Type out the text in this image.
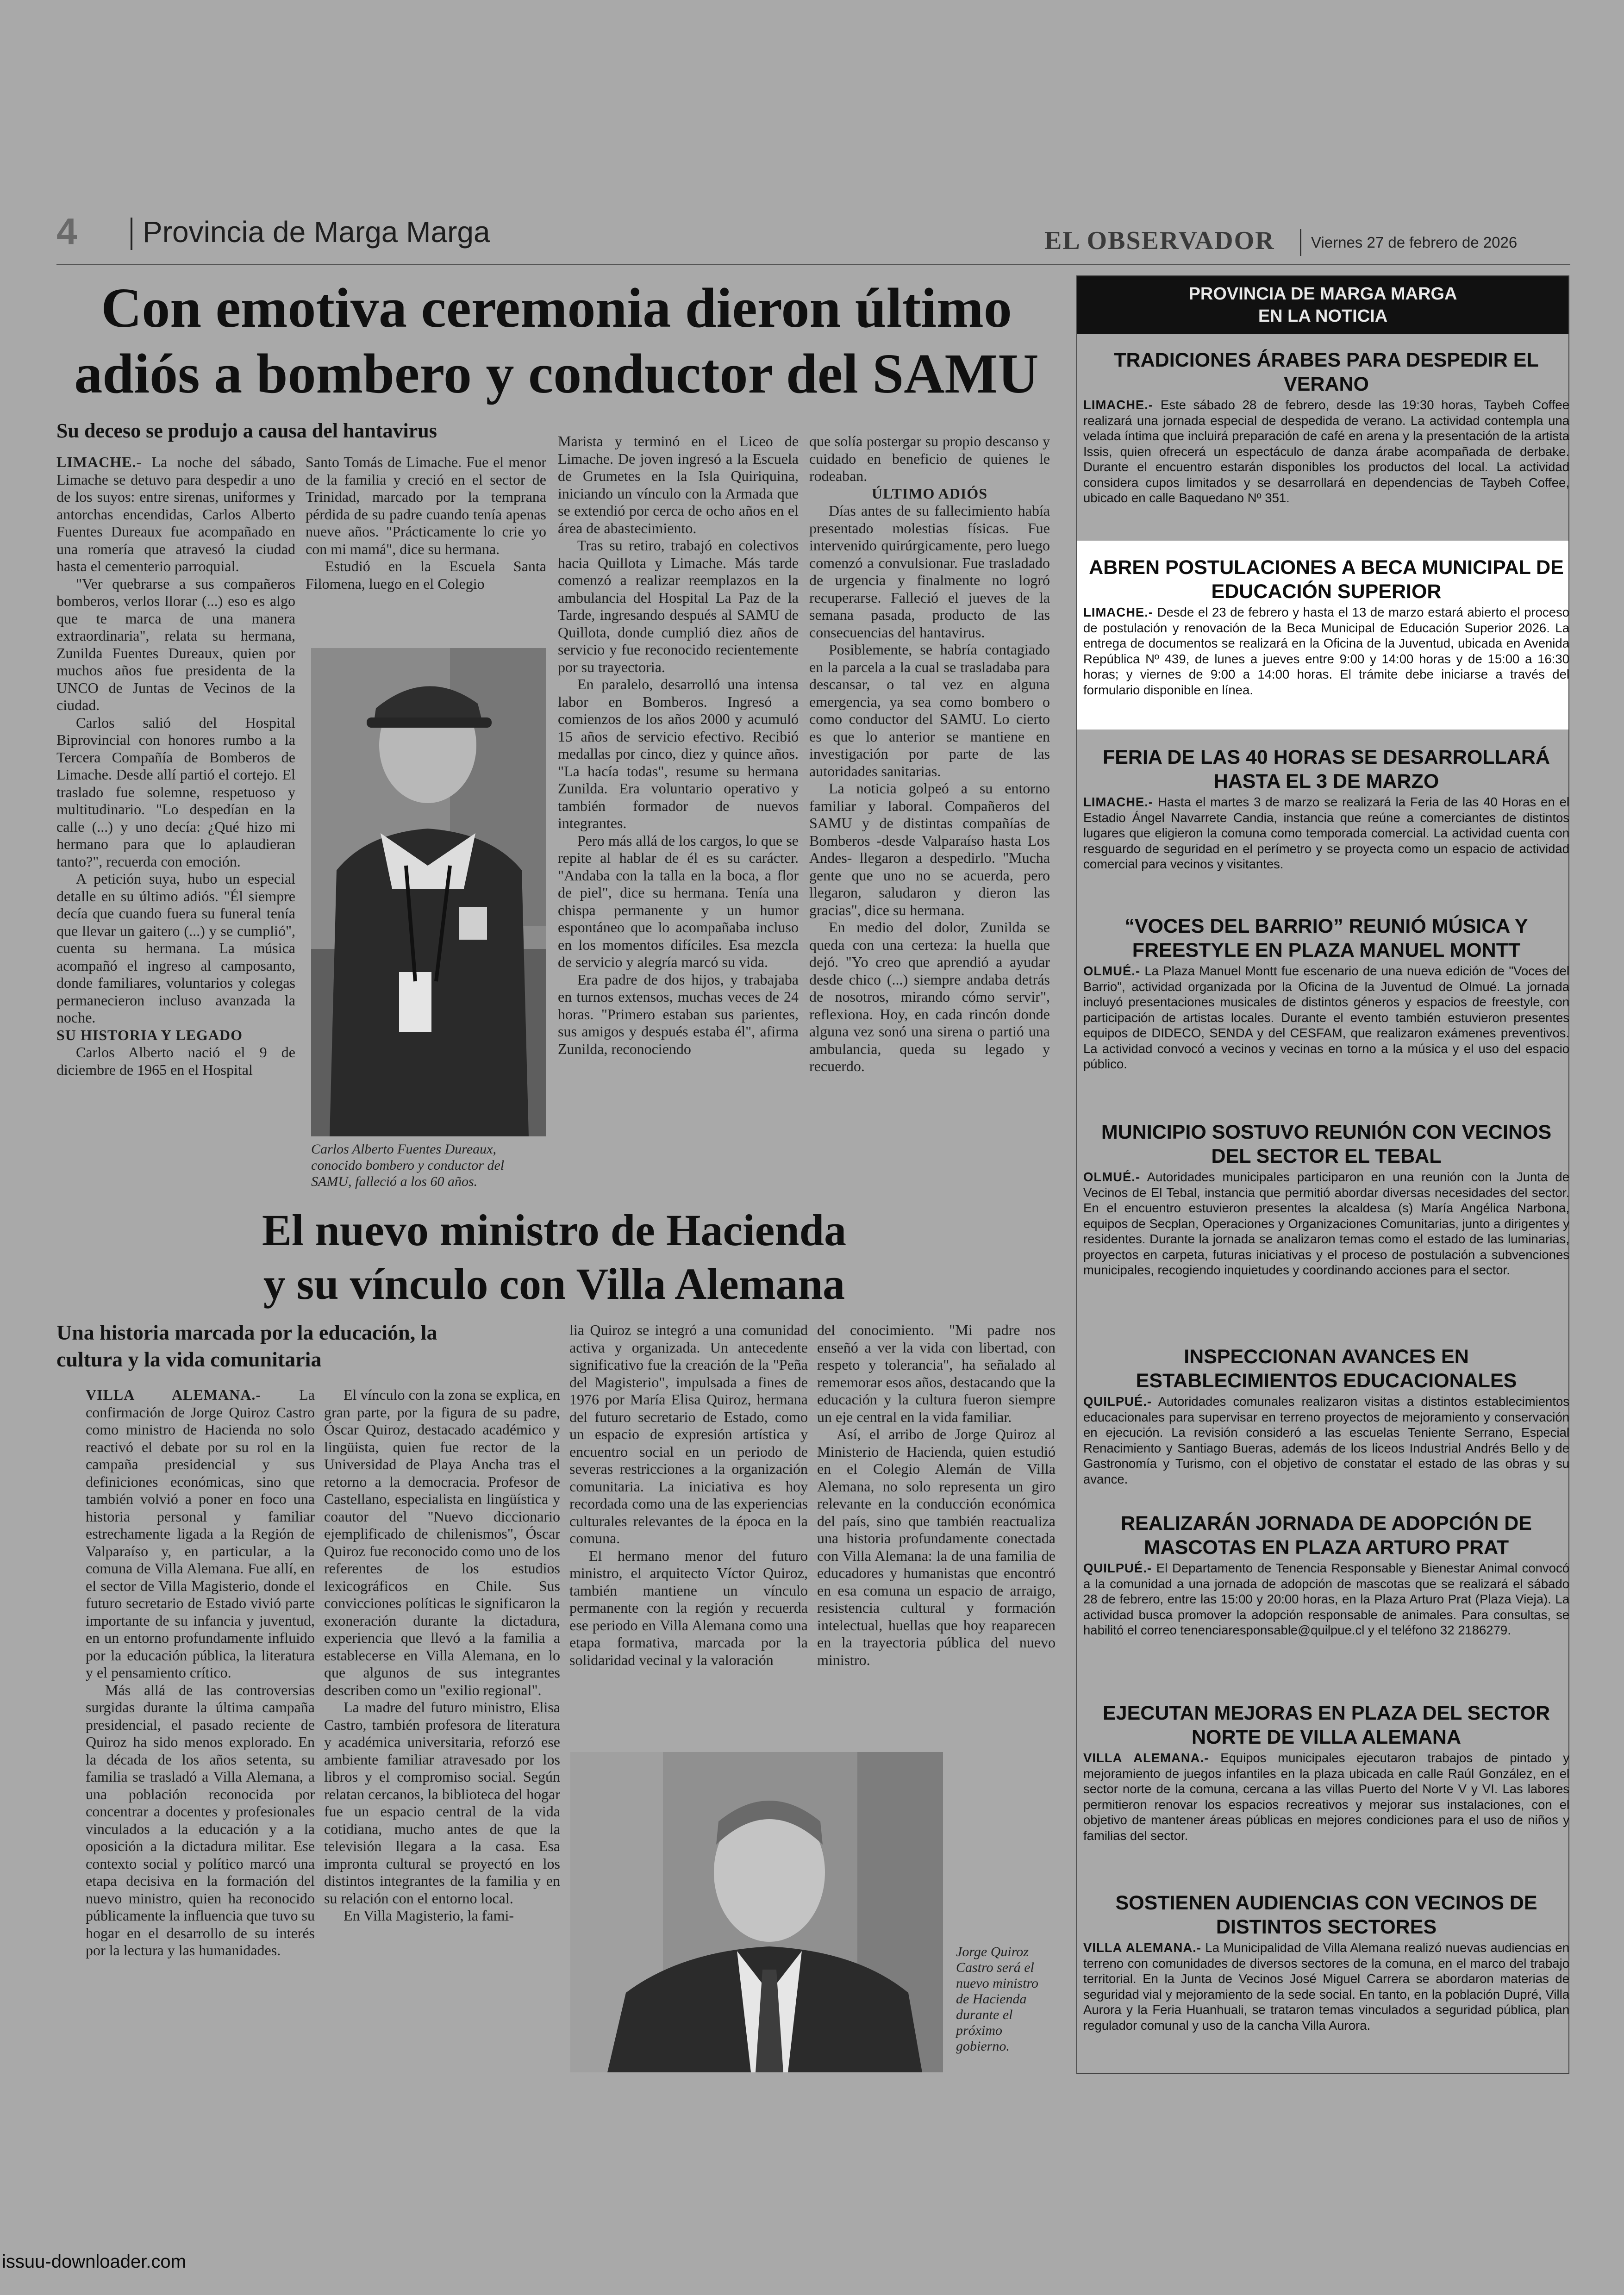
4 Provincia de Marga Marga	EL OBSERVADOR Viernes 27 de febrero de 2026
Con emotiva ceremonia dieron último
adiós a bombero y conductor del SAMU
Su deceso se produjo a causa del hantavirus

LIMACHE.- La noche del sábado, Limache se detuvo para despedir a uno de los suyos: entre sirenas, uniformes y antorchas encendidas, Carlos Alberto Fuentes Dureaux fue acompañado en una romería que atravesó la ciudad hasta el cementerio parroquial.

"Ver quebrarse a sus compañeros bomberos, verlos llorar (...) eso es algo que te marca de una manera extraordinaria", relata su hermana, Zunilda Fuentes Dureaux, quien por muchos años fue presidenta de la UNCO de Juntas de Vecinos de la ciudad.

Carlos salió del Hospital Biprovincial con honores rumbo a la Tercera Compañía de Bomberos de Limache. Desde allí partió el cortejo. El traslado fue solemne, respetuoso y multitudinario. "Lo despedían en la calle (...) y uno decía: ¿Qué hizo mi hermano para que lo aplaudieran tanto?", recuerda con emoción.

A petición suya, hubo un especial detalle en su último adiós. "Él siempre decía que cuando fuera su funeral tenía que llevar un gaitero (...) y se cumplió", cuenta su hermana. La música acompañó el ingreso al camposanto, donde familiares, voluntarios y colegas permanecieron incluso avanzada la noche.

SU HISTORIA Y LEGADO

Carlos Alberto nació el 9 de diciembre de 1965 en el Hospital

Santo Tomás de Limache. Fue el menor de la familia y creció en el sector de Trinidad, marcado por la temprana pérdida de su padre cuando tenía apenas nueve años. "Prácticamente lo crie yo con mi mamá", dice su hermana.

Estudió en la Escuela Santa Filomena, luego en el Colegio

Carlos Alberto Fuentes Dureaux, conocido bombero y conductor del SAMU, falleció a los 60 años.

Marista y terminó en el Liceo de Limache. De joven ingresó a la Escuela de Grumetes en la Isla Quiriquina, iniciando un vínculo con la Armada que se extendió por cerca de ocho años en el área de abastecimiento.

Tras su retiro, trabajó en colectivos hacia Quillota y Limache. Más tarde comenzó a realizar reemplazos en la ambulancia del Hospital La Paz de la Tarde, ingresando después al SAMU de Quillota, donde cumplió diez años de servicio y fue reconocido recientemente por su trayectoria.

En paralelo, desarrolló una intensa labor en Bomberos. Ingresó a comienzos de los años 2000 y acumuló 15 años de servicio efectivo. Recibió medallas por cinco, diez y quince años. "La hacía todas", resume su hermana Zunilda. Era voluntario operativo y también formador de nuevos integrantes.

Pero más allá de los cargos, lo que se repite al hablar de él es su carácter. "Andaba con la talla en la boca, a flor de piel", dice su hermana. Tenía una chispa permanente y un humor espontáneo que lo acompañaba incluso en los momentos difíciles. Esa mezcla de servicio y alegría marcó su vida.

Era padre de dos hijos, y trabajaba en turnos extensos, muchas veces de 24 horas. "Primero estaban sus parientes, sus amigos y después estaba él", afirma Zunilda, reconociendo

que solía postergar su propio descanso y cuidado en beneficio de quienes le rodeaban.

ÚLTIMO ADIÓS

Días antes de su fallecimiento había presentado molestias físicas. Fue intervenido quirúrgicamente, pero luego comenzó a convulsionar. Fue trasladado de urgencia y finalmente no logró recuperarse. Falleció el jueves de la semana pasada, producto de las consecuencias del hantavirus.

Posiblemente, se habría contagiado en la parcela a la cual se trasladaba para descansar, o tal vez en alguna emergencia, ya sea como bombero o como conductor del SAMU. Lo cierto es que lo anterior se mantiene en investigación por parte de las autoridades sanitarias.

La noticia golpeó a su entorno familiar y laboral. Compañeros del SAMU y de distintas compañías de Bomberos -desde Valparaíso hasta Los Andes- llegaron a despedirlo. "Mucha gente que uno no se acuerda, pero llegaron, saludaron y dieron las gracias", dice su hermana.

En medio del dolor, Zunilda se queda con una certeza: la huella que dejó. "Yo creo que aprendió a ayudar desde chico (...) siempre andaba detrás de nosotros, mirando cómo servir", reflexiona. Hoy, en cada rincón donde alguna vez sonó una sirena o partió una ambulancia, queda su legado y recuerdo.

El nuevo ministro de Hacienda
y su vínculo con Villa Alemana
Una historia marcada por la educación, la
cultura y la vida comunitaria

VILLA ALEMANA.- La confirmación de Jorge Quiroz Castro como ministro de Hacienda no solo reactivó el debate por su rol en la campaña presidencial y sus definiciones económicas, sino que también volvió a poner en foco una historia personal y familiar estrechamente ligada a la Región de Valparaíso y, en particular, a la comuna de Villa Alemana. Fue allí, en el sector de Villa Magisterio, donde el futuro secretario de Estado vivió parte importante de su infancia y juventud, en un entorno profundamente influido por la educación pública, la literatura y el pensamiento crítico.

Más allá de las controversias surgidas durante la última campaña presidencial, el pasado reciente de Quiroz ha sido menos explorado. En la década de los años setenta, su familia se trasladó a Villa Alemana, a una población reconocida por concentrar a docentes y profesionales vinculados a la educación y a la oposición a la dictadura militar. Ese contexto social y político marcó una etapa decisiva en la formación del nuevo ministro, quien ha reconocido públicamente la influencia que tuvo su hogar en el desarrollo de su interés por la lectura y las humanidades.

El vínculo con la zona se explica, en gran parte, por la figura de su padre, Óscar Quiroz, destacado académico y lingüista, quien fue rector de la Universidad de Playa Ancha tras el retorno a la democracia. Profesor de Castellano, especialista en lingüística y coautor del "Nuevo diccionario ejemplificado de chilenismos", Óscar Quiroz fue reconocido como uno de los referentes de los estudios lexicográficos en Chile. Sus convicciones políticas le significaron la exoneración durante la dictadura, experiencia que llevó a la familia a establecerse en Villa Alemana, en lo que algunos de sus integrantes describen como un "exilio regional".

La madre del futuro ministro, Elisa Castro, también profesora de literatura y académica universitaria, reforzó ese ambiente familiar atravesado por los libros y el compromiso social. Según relatan cercanos, la biblioteca del hogar fue un espacio central de la vida cotidiana, mucho antes de que la televisión llegara a la casa. Esa impronta cultural se proyectó en los distintos integrantes de la familia y en su relación con el entorno local.

En Villa Magisterio, la fami-

lia Quiroz se integró a una comunidad activa y organizada. Un antecedente significativo fue la creación de la "Peña del Magisterio", impulsada a fines de 1976 por María Elisa Quiroz, hermana del futuro secretario de Estado, como un espacio de expresión artística y encuentro social en un periodo de severas restricciones a la organización comunitaria. La iniciativa es hoy recordada como una de las experiencias culturales relevantes de la época en la comuna.

El hermano menor del futuro ministro, el arquitecto Víctor Quiroz, también mantiene un vínculo permanente con la región y recuerda ese periodo en Villa Alemana como una etapa formativa, marcada por la solidaridad vecinal y la valoración

del conocimiento. "Mi padre nos enseñó a ver la vida con libertad, con respeto y tolerancia", ha señalado al rememorar esos años, destacando que la educación y la cultura fueron siempre un eje central en la vida familiar.

Así, el arribo de Jorge Quiroz al Ministerio de Hacienda, quien estudió en el Colegio Alemán de Villa Alemana, no solo representa un giro relevante en la conducción económica del país, sino que también reactualiza una historia profundamente conectada con Villa Alemana: la de una familia de educadores y humanistas que encontró en esa comuna un espacio de arraigo, resistencia cultural y formación intelectual, huellas que hoy reaparecen en la trayectoria pública del nuevo ministro.

Jorge Quiroz Castro será el nuevo ministro de Hacienda durante el próximo gobierno.
PROVINCIA DE MARGA MARGA
EN LA NOTICIA
TRADICIONES ÁRABES PARA DESPEDIR EL VERANO

LIMACHE.- Este sábado 28 de febrero, desde las 19:30 horas, Taybeh Coffee realizará una jornada especial de despedida de verano. La actividad contempla una velada íntima que incluirá preparación de café en arena y la presentación de la artista Issis, quien ofrecerá un espectáculo de danza árabe acompañada de derbake. Durante el encuentro estarán disponibles los productos del local. La actividad considera cupos limitados y se desarrollará en dependencias de Taybeh Coffee, ubicado en calle Baquedano Nº 351.

ABREN POSTULACIONES A BECA MUNICIPAL DE EDUCACIÓN SUPERIOR

LIMACHE.- Desde el 23 de febrero y hasta el 13 de marzo estará abierto el proceso de postulación y renovación de la Beca Municipal de Educación Superior 2026. La entrega de documentos se realizará en la Oficina de la Juventud, ubicada en Avenida República Nº 439, de lunes a jueves entre 9:00 y 14:00 horas y de 15:00 a 16:30 horas; y viernes de 9:00 a 14:00 horas. El trámite debe iniciarse a través del formulario disponible en línea.

FERIA DE LAS 40 HORAS SE DESARROLLARÁ HASTA EL 3 DE MARZO

LIMACHE.- Hasta el martes 3 de marzo se realizará la Feria de las 40 Horas en el Estadio Ángel Navarrete Candia, instancia que reúne a comerciantes de distintos lugares que eligieron la comuna como temporada comercial. La actividad cuenta con resguardo de seguridad en el perímetro y se proyecta como un espacio de actividad comercial para vecinos y visitantes.

“VOCES DEL BARRIO” REUNIÓ MÚSICA Y FREESTYLE EN PLAZA MANUEL MONTT

OLMUÉ.- La Plaza Manuel Montt fue escenario de una nueva edición de "Voces del Barrio", actividad organizada por la Oficina de la Juventud de Olmué. La jornada incluyó presentaciones musicales de distintos géneros y espacios de freestyle, con participación de artistas locales. Durante el evento también estuvieron presentes equipos de DIDECO, SENDA y del CESFAM, que realizaron exámenes preventivos. La actividad convocó a vecinos y vecinas en torno a la música y el uso del espacio público.

MUNICIPIO SOSTUVO REUNIÓN CON VECINOS DEL SECTOR EL TEBAL

OLMUÉ.- Autoridades municipales participaron en una reunión con la Junta de Vecinos de El Tebal, instancia que permitió abordar diversas necesidades del sector. En el encuentro estuvieron presentes la alcaldesa (s) María Angélica Narbona, equipos de Secplan, Operaciones y Organizaciones Comunitarias, junto a dirigentes y residentes. Durante la jornada se analizaron temas como el estado de las luminarias, proyectos en carpeta, futuras iniciativas y el proceso de postulación a subvenciones municipales, recogiendo inquietudes y coordinando acciones para el sector.

INSPECCIONAN AVANCES EN ESTABLECIMIENTOS EDUCACIONALES

QUILPUÉ.- Autoridades comunales realizaron visitas a distintos establecimientos educacionales para supervisar en terreno proyectos de mejoramiento y conservación en ejecución. La revisión consideró a las escuelas Teniente Serrano, Especial Renacimiento y Santiago Bueras, además de los liceos Industrial Andrés Bello y de Gastronomía y Turismo, con el objetivo de constatar el estado de las obras y su avance.

REALIZARÁN JORNADA DE ADOPCIÓN DE MASCOTAS EN PLAZA ARTURO PRAT

QUILPUÉ.- El Departamento de Tenencia Responsable y Bienestar Animal convocó a la comunidad a una jornada de adopción de mascotas que se realizará el sábado 28 de febrero, entre las 15:00 y 20:00 horas, en la Plaza Arturo Prat (Plaza Vieja). La actividad busca promover la adopción responsable de animales. Para consultas, se habilitó el correo tenenciaresponsable@quilpue.cl y el teléfono 32 2186279.

EJECUTAN MEJORAS EN PLAZA DEL SECTOR NORTE DE VILLA ALEMANA

VILLA ALEMANA.- Equipos municipales ejecutaron trabajos de pintado y mejoramiento de juegos infantiles en la plaza ubicada en calle Raúl González, en el sector norte de la comuna, cercana a las villas Puerto del Norte V y VI. Las labores permitieron renovar los espacios recreativos y mejorar sus instalaciones, con el objetivo de mantener áreas públicas en mejores condiciones para el uso de niños y familias del sector.

SOSTIENEN AUDIENCIAS CON VECINOS DE DISTINTOS SECTORES

VILLA ALEMANA.- La Municipalidad de Villa Alemana realizó nuevas audiencias en terreno con comunidades de diversos sectores de la comuna, en el marco del trabajo territorial. En la Junta de Vecinos José Miguel Carrera se abordaron materias de seguridad vial y mejoramiento de la sede social. En tanto, en la población Dupré, Villa Aurora y la Feria Huanhuali, se trataron temas vinculados a seguridad pública, plan regulador comunal y uso de la cancha Villa Aurora.

issuu-downloader.com
